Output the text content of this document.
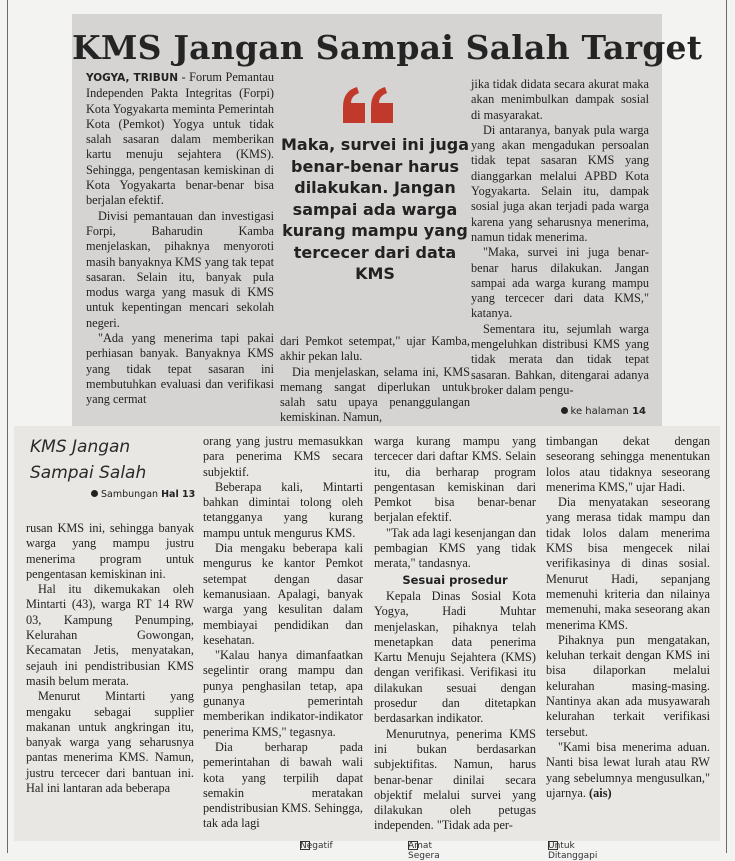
KMS Jangan Sampai Salah Target

YOGYA, TRIBUN - Forum Pemantau Independen Pakta Integritas (Forpi) Kota Yogyakarta meminta Pemerintah Kota (Pemkot) Yogya untuk tidak salah sasaran dalam memberikan kartu menuju sejahtera (KMS). Sehingga, pengentasan kemiskinan di Kota Yogyakarta benar-benar bisa berjalan efektif.

Divisi pemantauan dan investigasi Forpi, Baharudin Kamba menjelaskan, pihaknya menyoroti masih banyaknya KMS yang tak tepat sasaran. Selain itu, banyak pula modus warga yang masuk di KMS untuk kepentingan mencari sekolah negeri.

"Ada yang menerima tapi pakai perhiasan banyak. Banyaknya KMS yang tidak tepat sasaran ini membutuhkan evaluasi dan verifikasi yang cermat

Maka, survei ini juga benar-benar harus dilakukan. Jangan sampai ada warga kurang mampu yang tercecer dari data KMS

dari Pemkot setempat," ujar Kamba, akhir pekan lalu.

Dia menjelaskan, selama ini, KMS memang sangat diperlukan untuk salah satu upaya penanggulangan kemiskinan. Namun,

jika tidak didata secara akurat maka akan menimbulkan dampak sosial di masyarakat.

Di antaranya, banyak pula warga yang akan mengadukan persoalan tidak tepat sasaran KMS yang dianggarkan melalui APBD Kota Yogyakarta. Selain itu, dampak sosial juga akan terjadi pada warga karena yang seharusnya menerima, namun tidak menerima.

"Maka, survei ini juga benar-benar harus dilakukan. Jangan sampai ada warga kurang mampu yang tercecer dari data KMS," katanya.

Sementara itu, sejumlah warga mengeluhkan distribusi KMS yang tidak merata dan tidak tepat sasaran. Bahkan, ditengarai adanya broker dalam pengu-

ke halaman 14
KMS Jangan
Sampai Salah
Sambungan Hal 13

rusan KMS ini, sehingga banyak warga yang mampu justru menerima program untuk pengentasan kemiskinan ini.

Hal itu dikemukakan oleh Mintarti (43), warga RT 14 RW 03, Kampung Penumping, Kelurahan Gowongan, Kecamatan Jetis, menyatakan, sejauh ini pendistribusian KMS masih belum merata.

Menurut Mintarti yang mengaku sebagai supplier makanan untuk angkringan itu, banyak warga yang seharusnya pantas menerima KMS. Namun, justru tercecer dari bantuan ini. Hal ini lantaran ada beberapa

orang yang justru memasukkan para penerima KMS secara subjektif.

Beberapa kali, Mintarti bahkan dimintai tolong oleh tetangganya yang kurang mampu untuk mengurus KMS.

Dia mengaku beberapa kali mengurus ke kantor Pemkot setempat dengan dasar kemanusiaan. Apalagi, banyak warga yang kesulitan dalam membiayai pendidikan dan kesehatan.

"Kalau hanya dimanfaatkan segelintir orang mampu dan punya penghasilan tetap, apa gunanya pemerintah memberikan indikator-indikator penerima KMS," tegasnya.

Dia berharap pada pemerintahan di bawah wali kota yang terpilih dapat semakin meratakan pendistribusian KMS. Sehingga, tak ada lagi

warga kurang mampu yang tercecer dari daftar KMS. Selain itu, dia berharap program pengentasan kemiskinan dari Pemkot bisa benar-benar berjalan efektif.

"Tak ada lagi kesenjangan dan pembagian KMS yang tidak merata," tandasnya.

Sesuai prosedur

Kepala Dinas Sosial Kota Yogya, Hadi Muhtar menjelaskan, pihaknya telah menetapkan data penerima Kartu Menuju Sejahtera (KMS) dengan verifikasi. Verifikasi itu dilakukan sesuai dengan prosedur dan ditetapkan berdasarkan indikator.

Menurutnya, penerima KMS ini bukan berdasarkan subjektifitas. Namun, harus benar-benar dinilai secara objektif melalui survei yang dilakukan oleh petugas independen. "Tidak ada per-

timbangan dekat dengan seseorang sehingga menentukan lolos atau tidaknya seseorang menerima KMS," ujar Hadi.

Dia menyatakan seseorang yang merasa tidak mampu dan tidak lolos dalam menerima KMS bisa mengecek nilai verifikasinya di dinas sosial. Menurut Hadi, sepanjang memenuhi kriteria dan nilainya memenuhi, maka seseorang akan menerima KMS.

Pihaknya pun mengatakan, keluhan terkait dengan KMS ini bisa dilaporkan melalui kelurahan masing-masing. Nantinya akan ada musyawarah kelurahan terkait verifikasi tersebut.

"Kami bisa menerima aduan. Nanti bisa lewat lurah atau RW yang sebelumnya mengusulkan," ujarnya. (ais)

Negatif	Amat Segera
Untuk Ditanggapi
